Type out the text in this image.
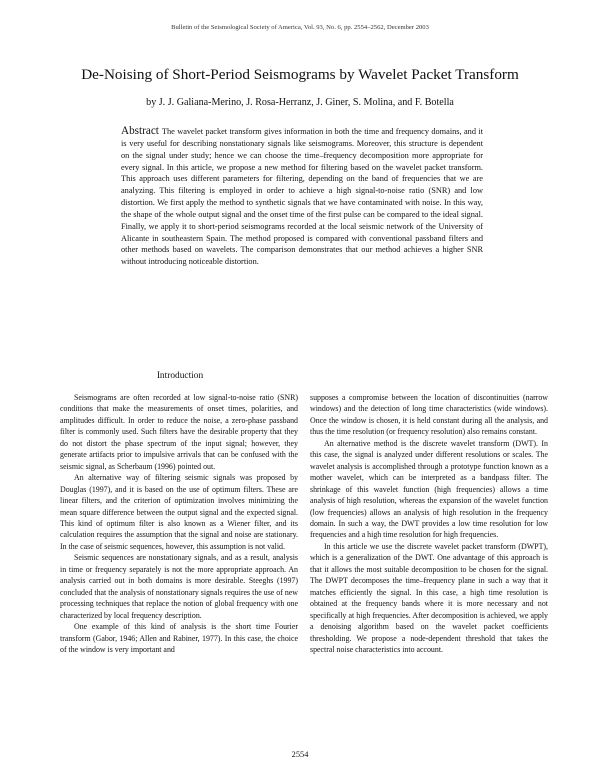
Bulletin of the Seismological Society of America, Vol. 93, No. 6, pp. 2554–2562, December 2003
De-Noising of Short-Period Seismograms by Wavelet Packet Transform
by J. J. Galiana-Merino, J. Rosa-Herranz, J. Giner, S. Molina, and F. Botella

Abstract The wavelet packet transform gives information in both the time and frequency domains, and it is very useful for describing nonstationary signals like seismograms. Moreover, this structure is dependent on the signal under study; hence we can choose the time–frequency decomposition more appropriate for every signal. In this article, we propose a new method for filtering based on the wavelet packet transform. This approach uses different parameters for filtering, depending on the band of frequencies that we are analyzing. This filtering is employed in order to achieve a high signal-to-noise ratio (SNR) and low distortion. We first apply the method to synthetic signals that we have contaminated with noise. In this way, the shape of the whole output signal and the onset time of the first pulse can be compared to the ideal signal. Finally, we apply it to short-period seismograms recorded at the local seismic network of the University of Alicante in southeastern Spain. The method proposed is compared with conventional passband filters and other methods based on wavelets. The comparison demonstrates that our method achieves a higher SNR without introducing noticeable distortion.

Introduction

Seismograms are often recorded at low signal-to-noise ratio (SNR) conditions that make the measurements of onset times, polarities, and amplitudes difficult. In order to reduce the noise, a zero-phase passband filter is commonly used. Such filters have the desirable property that they do not distort the phase spectrum of the input signal; however, they generate artifacts prior to impulsive arrivals that can be confused with the seismic signal, as Scherbaum (1996) pointed out.

An alternative way of filtering seismic signals was proposed by Douglas (1997), and it is based on the use of optimum filters. These are linear filters, and the criterion of optimization involves minimizing the mean square difference between the output signal and the expected signal. This kind of optimum filter is also known as a Wiener filter, and its calculation requires the assumption that the signal and noise are stationary. In the case of seismic sequences, however, this assumption is not valid.

Seismic sequences are nonstationary signals, and as a result, analysis in time or frequency separately is not the more appropriate approach. An analysis carried out in both domains is more desirable. Steeghs (1997) concluded that the analysis of nonstationary signals requires the use of new processing techniques that replace the notion of global frequency with one characterized by local frequency description.

One example of this kind of analysis is the short time Fourier transform (Gabor, 1946; Allen and Rabiner, 1977). In this case, the choice of the window is very important and

supposes a compromise between the location of discontinuities (narrow windows) and the detection of long time characteristics (wide windows). Once the window is chosen, it is held constant during all the analysis, and thus the time resolution (or frequency resolution) also remains constant.

An alternative method is the discrete wavelet transform (DWT). In this case, the signal is analyzed under different resolutions or scales. The wavelet analysis is accomplished through a prototype function known as a mother wavelet, which can be interpreted as a bandpass filter. The shrinkage of this wavelet function (high frequencies) allows a time analysis of high resolution, whereas the expansion of the wavelet function (low frequencies) allows an analysis of high resolution in the frequency domain. In such a way, the DWT provides a low time resolution for low frequencies and a high time resolution for high frequencies.

In this article we use the discrete wavelet packet transform (DWPT), which is a generalization of the DWT. One advantage of this approach is that it allows the most suitable decomposition to be chosen for the signal. The DWPT decomposes the time–frequency plane in such a way that it matches efficiently the signal. In this case, a high time resolution is obtained at the frequency bands where it is more necessary and not specifically at high frequencies. After decomposition is achieved, we apply a denoising algorithm based on the wavelet packet coefficients thresholding. We propose a node-dependent threshold that takes the spectral noise characteristics into account.

2554
